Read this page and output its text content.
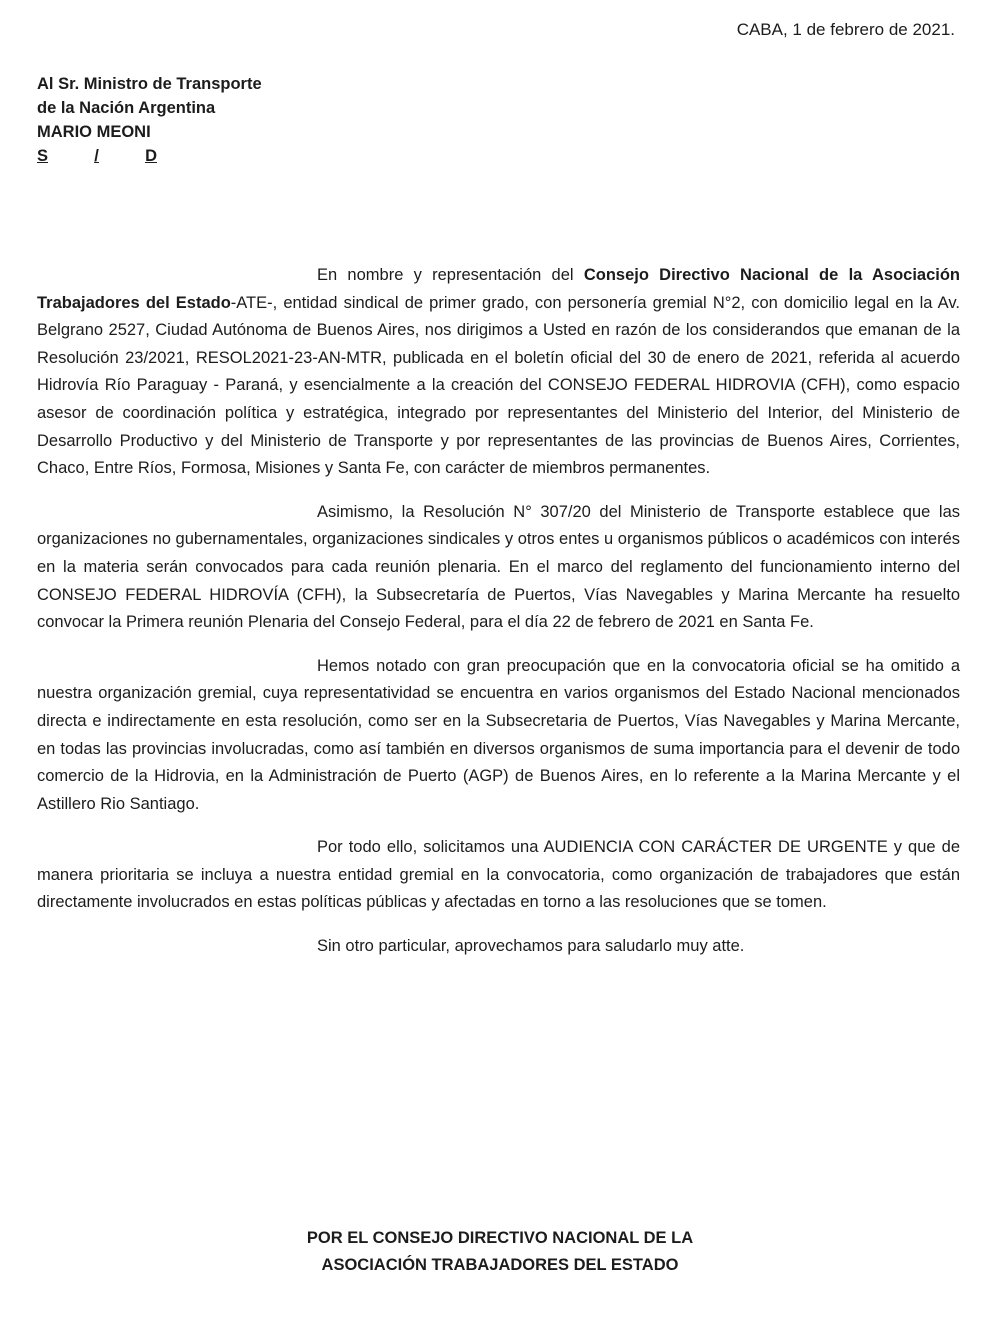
CABA, 1 de febrero de 2021.
Al Sr. Ministro de Transporte
de la Nación Argentina
MARIO MEONI
S	/	D

En nombre y representación del Consejo Directivo Nacional de la Asociación Trabajadores del Estado-ATE-, entidad sindical de primer grado, con personería gremial N°2, con domicilio legal en la Av. Belgrano 2527, Ciudad Autónoma de Buenos Aires, nos dirigimos a Usted en razón de los considerandos que emanan de la Resolución 23/2021, RESOL2021-23-AN-MTR, publicada en el boletín oficial del 30 de enero de 2021, referida al acuerdo Hidrovía Río Paraguay - Paraná, y esencialmente a la creación del CONSEJO FEDERAL HIDROVIA (CFH), como espacio asesor de coordinación política y estratégica, integrado por representantes del Ministerio del Interior, del Ministerio de Desarrollo Productivo y del Ministerio de Transporte y por representantes de las provincias de Buenos Aires, Corrientes, Chaco, Entre Ríos, Formosa, Misiones y Santa Fe, con carácter de miembros permanentes.

Asimismo, la Resolución N° 307/20 del Ministerio de Transporte establece que las organizaciones no gubernamentales, organizaciones sindicales y otros entes u organismos públicos o académicos con interés en la materia serán convocados para cada reunión plenaria. En el marco del reglamento del funcionamiento interno del CONSEJO FEDERAL HIDROVÍA (CFH), la Subsecretaría de Puertos, Vías Navegables y Marina Mercante ha resuelto convocar la Primera reunión Plenaria del Consejo Federal, para el día 22 de febrero de 2021 en Santa Fe.

Hemos notado con gran preocupación que en la convocatoria oficial se ha omitido a nuestra organización gremial, cuya representatividad se encuentra en varios organismos del Estado Nacional mencionados directa e indirectamente en esta resolución, como ser en la Subsecretaria de Puertos, Vías Navegables y Marina Mercante, en todas las provincias involucradas, como así también en diversos organismos de suma importancia para el devenir de todo comercio de la Hidrovia, en la Administración de Puerto (AGP) de Buenos Aires, en lo referente a la Marina Mercante y el Astillero Rio Santiago.

Por todo ello, solicitamos una AUDIENCIA CON CARÁCTER DE URGENTE y que de manera prioritaria se incluya a nuestra entidad gremial en la convocatoria, como organización de trabajadores que están directamente involucrados en estas políticas públicas y afectadas en torno a las resoluciones que se tomen.

Sin otro particular, aprovechamos para saludarlo muy atte.

POR EL CONSEJO DIRECTIVO NACIONAL DE LA
ASOCIACIÓN TRABAJADORES DEL ESTADO
